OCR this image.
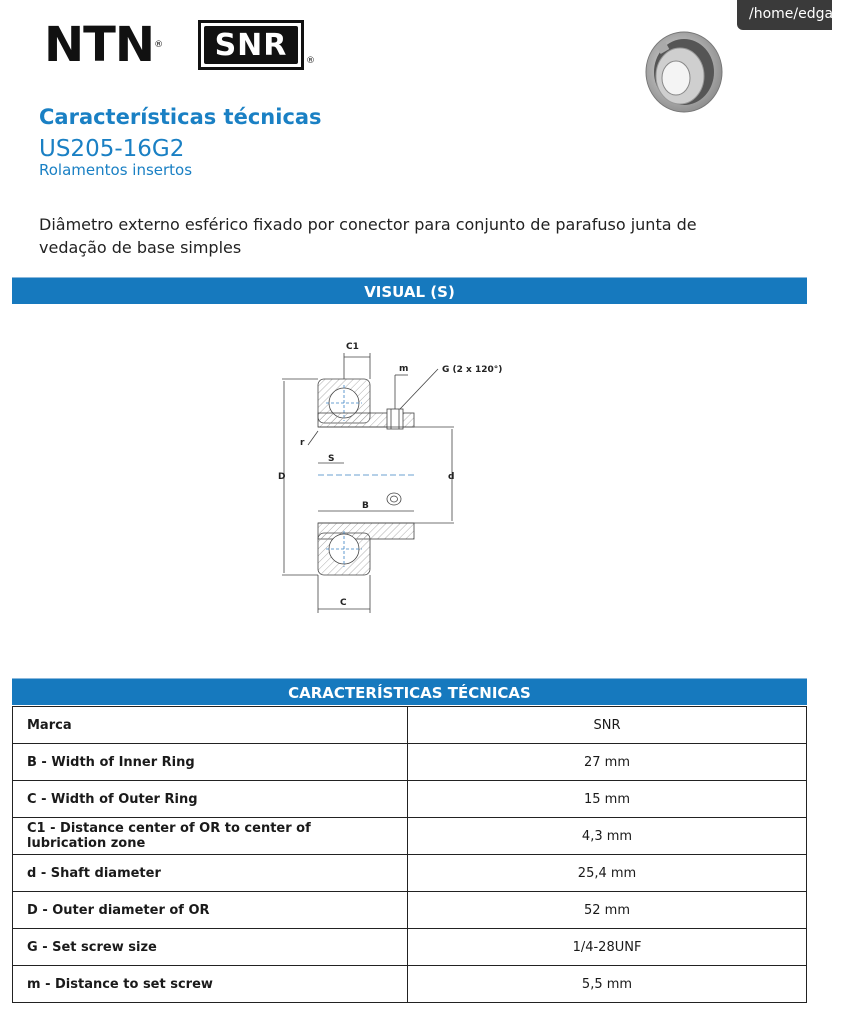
NTN®	SNR	®
/home/edgar/
Características técnicas
US205-16G2
Rolamentos insertos
Diâmetro externo esférico fixado por conector para conjunto de parafuso junta de vedação de base simples
VISUAL (S)
C1
m	G (2 x 120°)
r
S
D	d
B
C
CARACTERÍSTICAS TÉCNICAS
Marca	SNR
B - Width of Inner Ring	27 mm
C - Width of Outer Ring	15 mm
C1 - Distance center of OR to center of lubrication zone	4,3 mm
d - Shaft diameter	25,4 mm
D - Outer diameter of OR	52 mm
G - Set screw size	1/4-28UNF
m - Distance to set screw	5,5 mm
